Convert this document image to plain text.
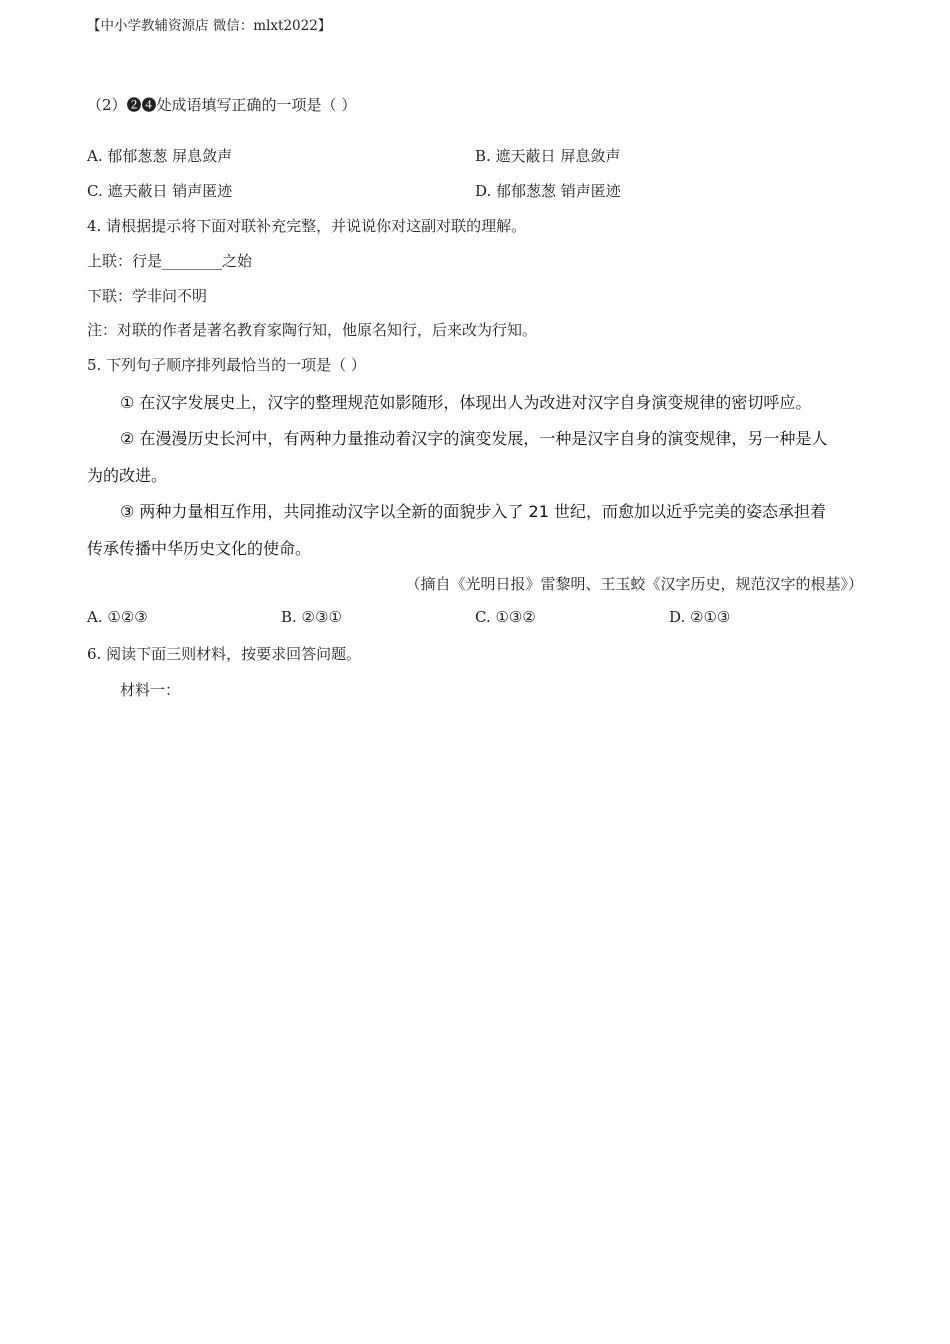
【中小学教辅资源店 微信：mlxt2022】
（2）❷❹处成语填写正确的一项是（ ）
A. 郁郁葱葱 屏息敛声	B. 遮天蔽日 屏息敛声
C. 遮天蔽日 销声匿迹	D. 郁郁葱葱 销声匿迹
4. 请根据提示将下面对联补充完整，并说说你对这副对联的理解。
上联：行是________之始
下联：学非问不明
注：对联的作者是著名教育家陶行知，他原名知行，后来改为行知。
5. 下列句子顺序排列最恰当的一项是（ ）
① 在汉字发展史上，汉字的整理规范如影随形，体现出人为改进对汉字自身演变规律的密切呼应。
② 在漫漫历史长河中，有两种力量推动着汉字的演变发展，一种是汉字自身的演变规律，另一种是人
为的改进。
③ 两种力量相互作用，共同推动汉字以全新的面貌步入了 21 世纪，而愈加以近乎完美的姿态承担着
传承传播中华历史文化的使命。
（摘自《光明日报》雷黎明、王玉蛟《汉字历史，规范汉字的根基》）
A. ①②③	B. ②③①	C. ①③②	D. ②①③
6. 阅读下面三则材料，按要求回答问题。
材料一：
